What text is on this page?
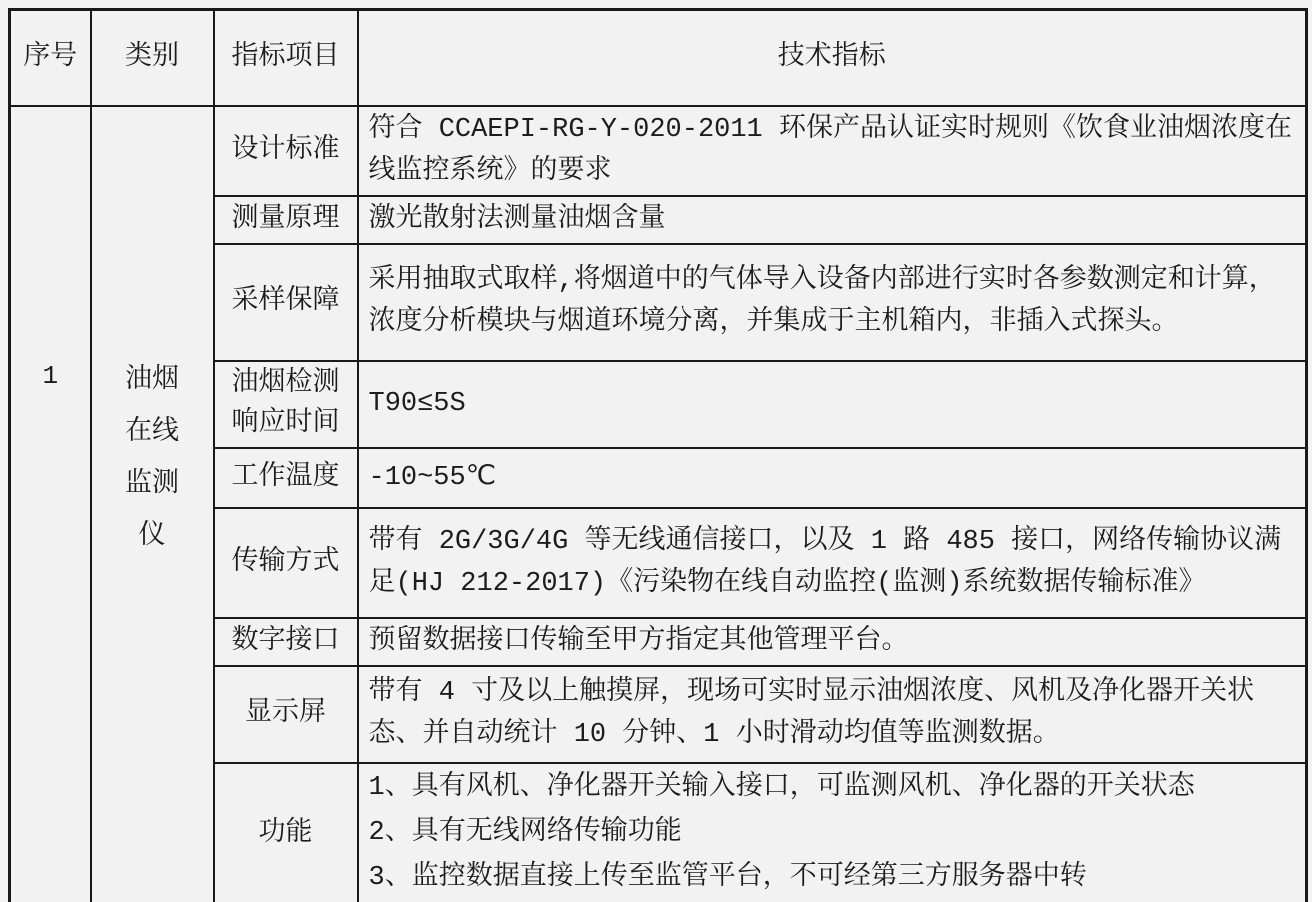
序号	类别	指标项目	技术指标
1	油烟在线监测仪	设计标准	符合 CCAEPI-RG-Y-020-2011 环保产品认证实时规则《饮食业油烟浓度在线监控系统》的要求

		测量原理	激光散射法测量油烟含量

		采样保障	采用抽取式取样,将烟道中的气体导入设备内部进行实时各参数测定和计算，浓度分析模块与烟道环境分离，并集成于主机箱内，非插入式探头。

		油烟检测响应时间	T90≤5S

		工作温度	-10~55℃

		传输方式	带有 2G/3G/4G 等无线通信接口，以及 1 路 485 接口，网络传输协议满足(HJ 212-2017)《污染物在线自动监控(监测)系统数据传输标准》

		数字接口	预留数据接口传输至甲方指定其他管理平台。

		显示屏	带有 4 寸及以上触摸屏，现场可实时显示油烟浓度、风机及净化器开关状态、并自动统计 10 分钟、1 小时滑动均值等监测数据。

		功能	1、具有风机、净化器开关输入接口，可监测风机、净化器的开关状态
2、具有无线网络传输功能
3、监控数据直接上传至监管平台，不可经第三方服务器中转
